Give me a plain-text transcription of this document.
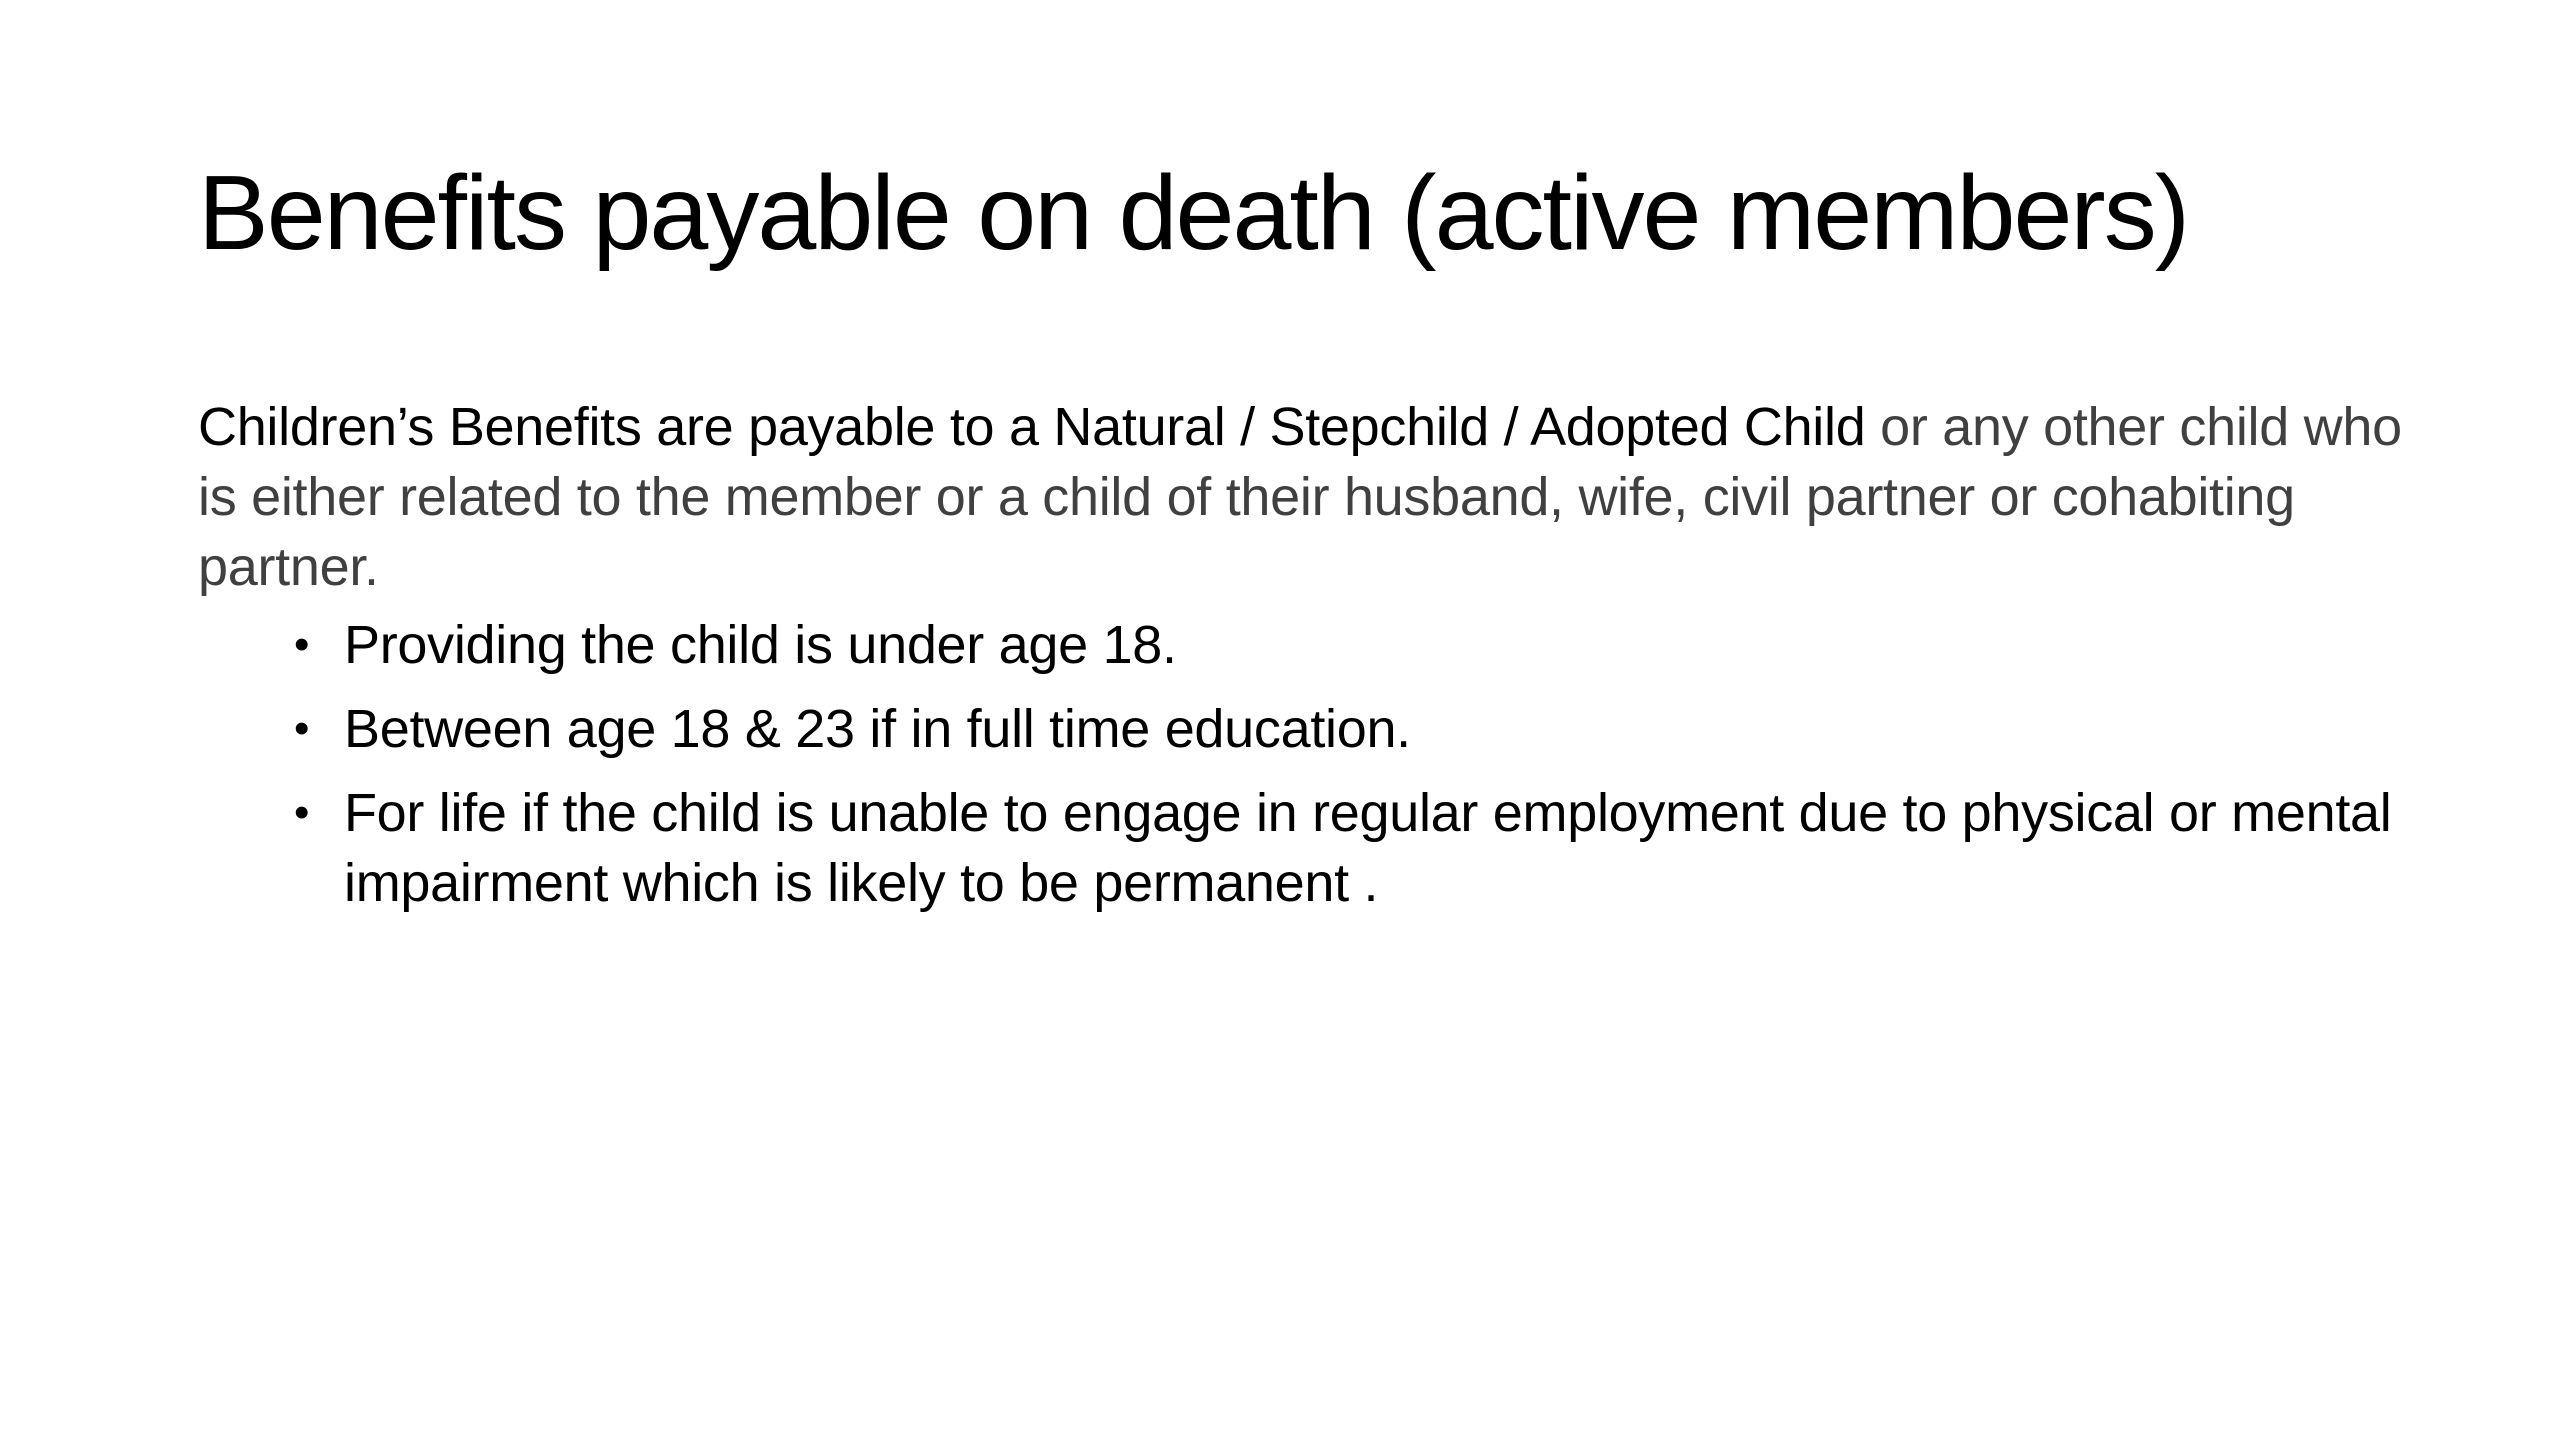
Benefits payable on death (active members)

Children’s Benefits are payable to a Natural / Stepchild / Adopted Child or any other child who is either related to the member or a child of their husband, wife, civil partner or cohabiting partner.

• Providing the child is under age 18.
• Between age 18 & 23 if in full time education.
• For life if the child is unable to engage in regular employment due to physical or mental impairment which is likely to be permanent .
